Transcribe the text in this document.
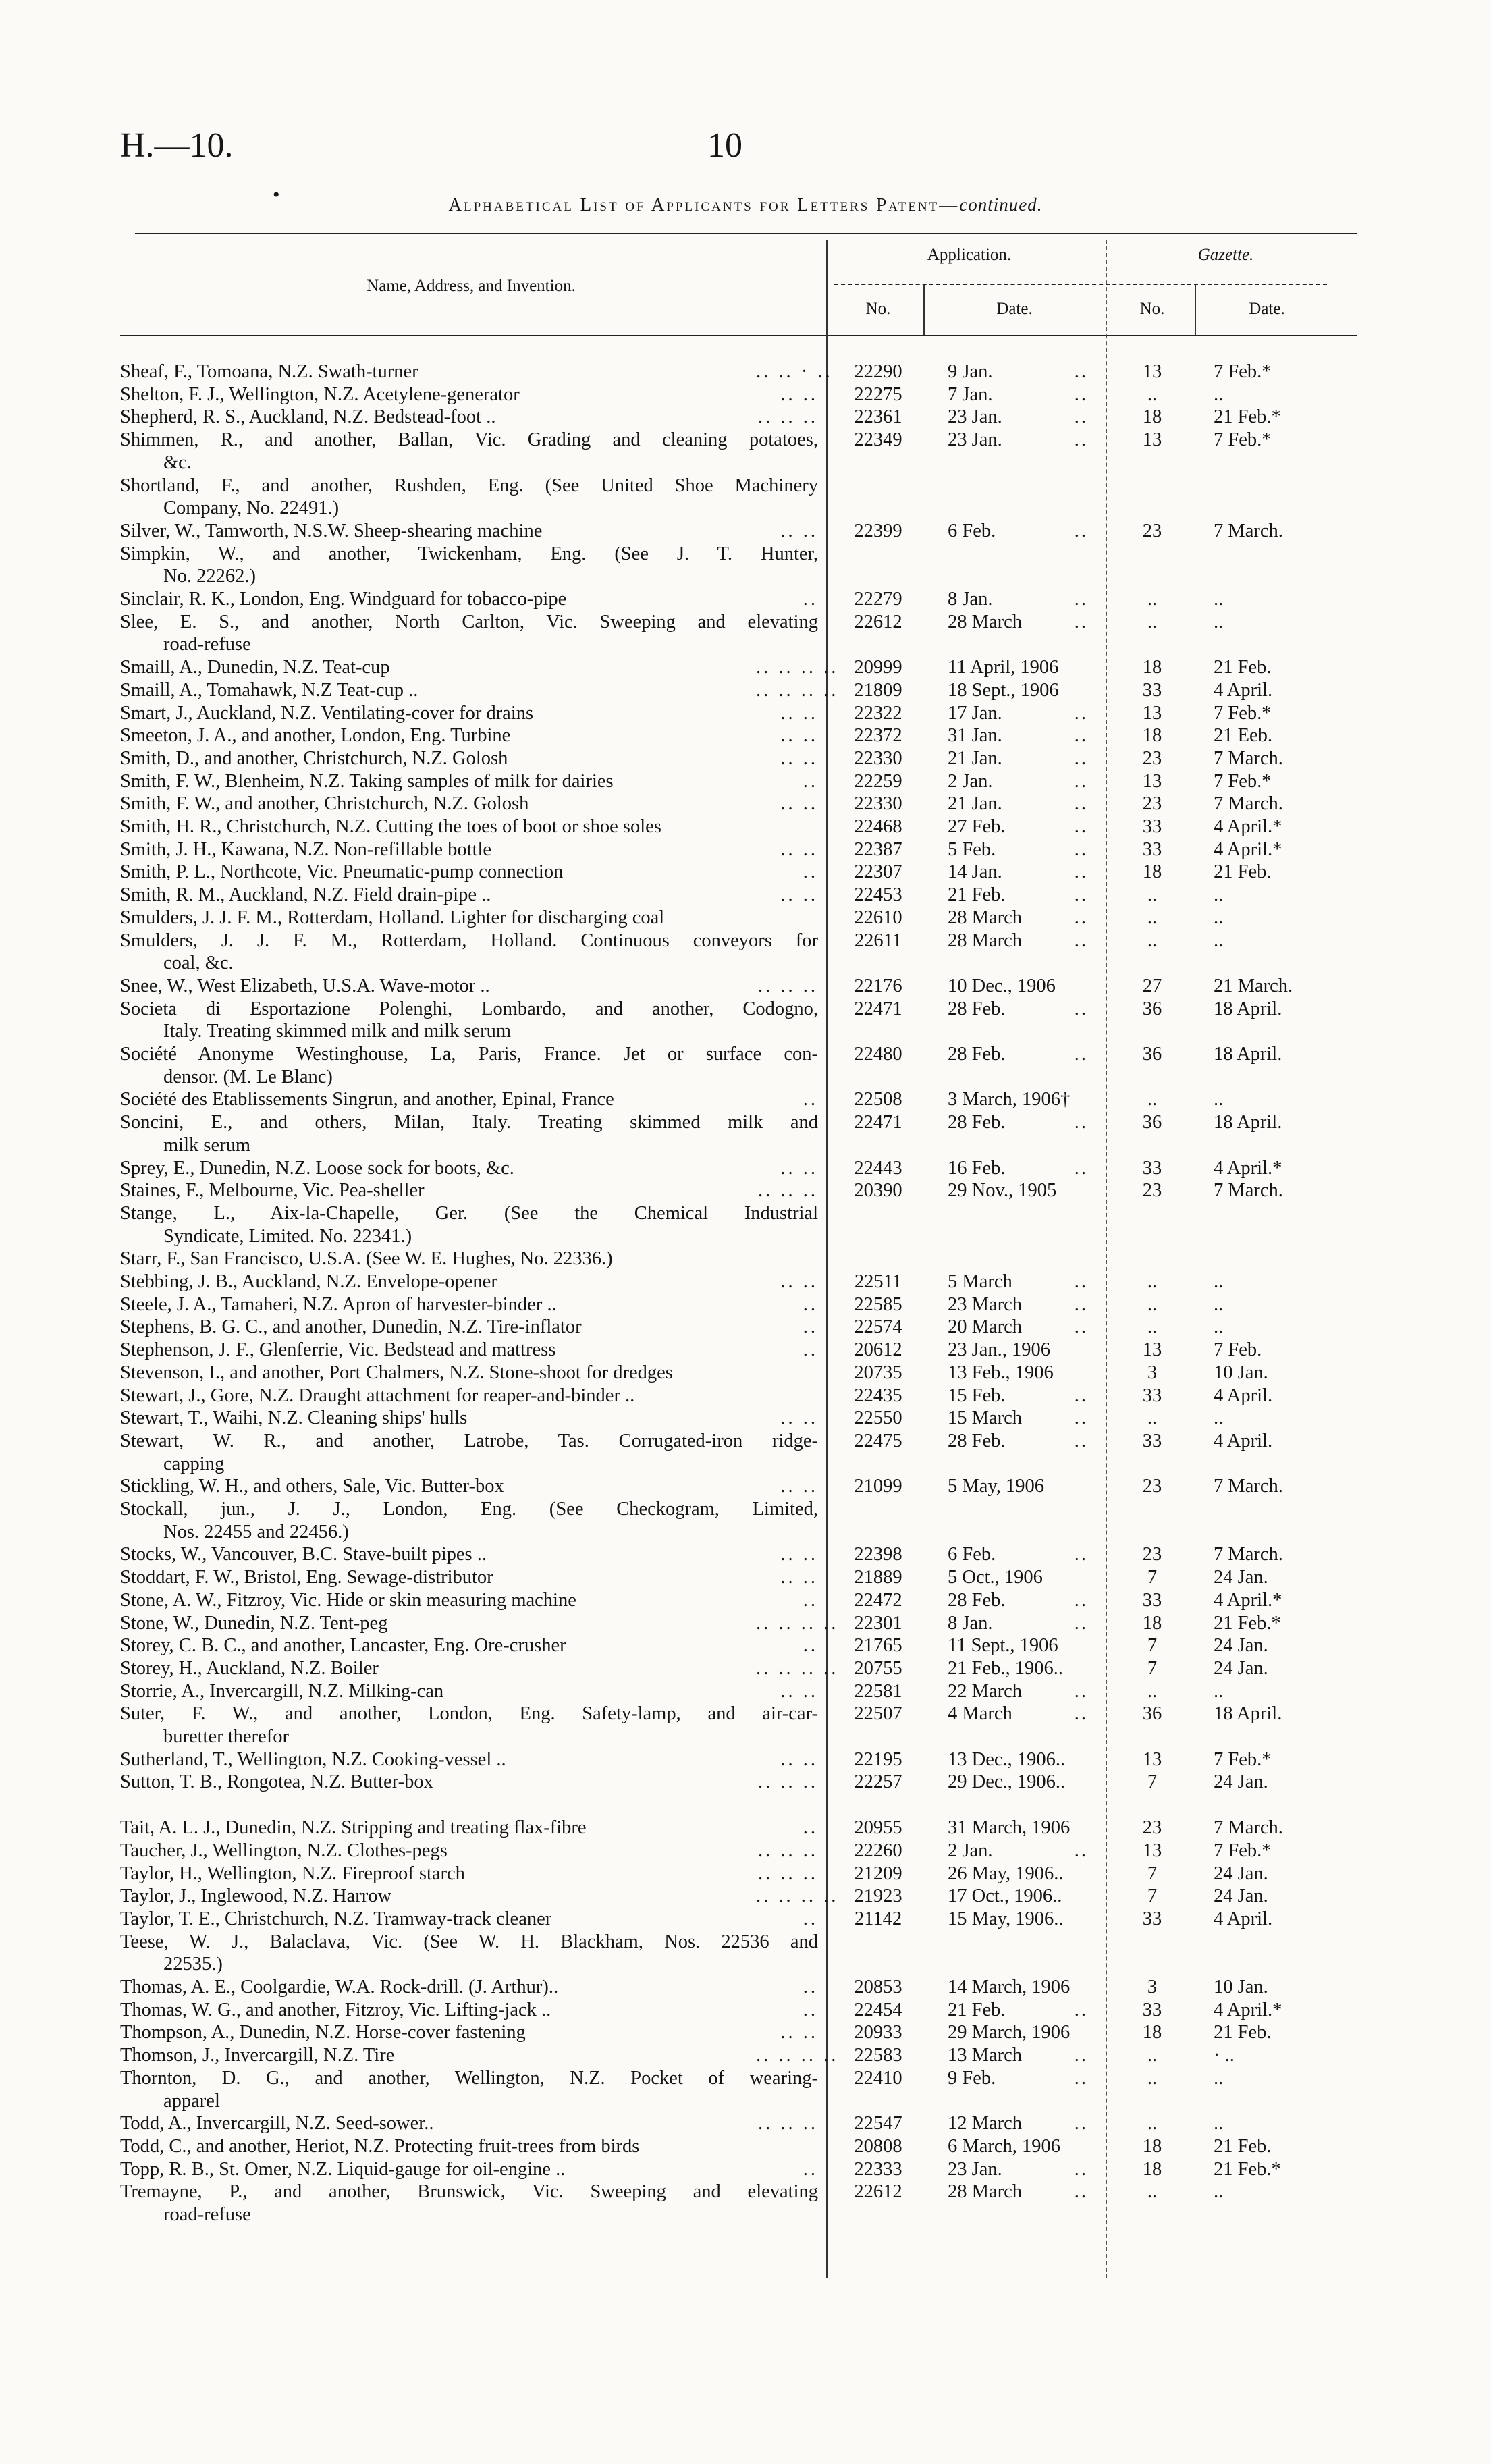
H.—10.	10
•	Alphabetical List of Applicants for Letters Patent—continued.
Name, Address, and Invention.
Application.	Gazette.
No.	Date.	No.	Date.
Sheaf, F., Tomoana, N.Z. Swath-turner	.. .. · ..	22290	9 Jan.	..	13	7 Feb.*
Shelton, F. J., Wellington, N.Z. Acetylene-generator	.. ..	22275	7 Jan.	..	..	..
Shepherd, R. S., Auckland, N.Z. Bedstead-foot ..	.. .. ..	22361	23 Jan.	..	18	21 Feb.*
Shimmen, R., and another, Ballan, Vic. Grading and cleaning potatoes,	22349	23 Jan.	..	13	7 Feb.*
&c.
Shortland, F., and another, Rushden, Eng. (See United Shoe Machinery
Company, No. 22491.)
Silver, W., Tamworth, N.S.W. Sheep-shearing machine	.. ..	22399	6 Feb.	..	23	7 March.
Simpkin, W., and another, Twickenham, Eng. (See J. T. Hunter,
No. 22262.)
Sinclair, R. K., London, Eng. Windguard for tobacco-pipe	..	22279	8 Jan.	..	..	..
Slee, E. S., and another, North Carlton, Vic. Sweeping and elevating	22612	28 March	..	..	..
road-refuse
Smaill, A., Dunedin, N.Z. Teat-cup	.. .. .. .. 20999	11 April, 1906	18	21 Feb.
Smaill, A., Tomahawk, N.Z Teat-cup ..	.. .. .. .. 21809	18 Sept., 1906	33	4 April.
Smart, J., Auckland, N.Z. Ventilating-cover for drains	.. ..	22322	17 Jan.	..	13	7 Feb.*
Smeeton, J. A., and another, London, Eng. Turbine	.. ..	22372	31 Jan.	..	18	21 Eeb.
Smith, D., and another, Christchurch, N.Z. Golosh	.. ..	22330	21 Jan.	..	23	7 March.
Smith, F. W., Blenheim, N.Z. Taking samples of milk for dairies	..	22259	2 Jan.	..	13	7 Feb.*
Smith, F. W., and another, Christchurch, N.Z. Golosh	.. ..	22330	21 Jan.	..	23	7 March.
Smith, H. R., Christchurch, N.Z. Cutting the toes of boot or shoe soles	22468	27 Feb.	..	33	4 April.*
Smith, J. H., Kawana, N.Z. Non-refillable bottle	.. ..	22387	5 Feb.	..	33	4 April.*
Smith, P. L., Northcote, Vic. Pneumatic-pump connection	..	22307	14 Jan.	..	18	21 Feb.
Smith, R. M., Auckland, N.Z. Field drain-pipe ..	.. ..	22453	21 Feb.	..	..	..
Smulders, J. J. F. M., Rotterdam, Holland. Lighter for discharging coal	22610	28 March	..	..	..
Smulders, J. J. F. M., Rotterdam, Holland. Continuous conveyors for	22611	28 March	..	..	..
coal, &c.
Snee, W., West Elizabeth, U.S.A. Wave-motor ..	.. .. ..	22176	10 Dec., 1906	27	21 March.
Societa di Esportazione Polenghi, Lombardo, and another, Codogno,	22471	28 Feb.	..	36	18 April.
Italy. Treating skimmed milk and milk serum
Société Anonyme Westinghouse, La, Paris, France. Jet or surface con-	22480	28 Feb.	..	36	18 April.
densor. (M. Le Blanc)
Société des Etablissements Singrun, and another, Epinal, France	..	22508	3 March, 1906†	..	..
Soncini, E., and others, Milan, Italy. Treating skimmed milk and	22471	28 Feb.	..	36	18 April.
milk serum
Sprey, E., Dunedin, N.Z. Loose sock for boots, &c.	.. ..	22443	16 Feb.	..	33	4 April.*
Staines, F., Melbourne, Vic. Pea-sheller	.. .. ..	20390	29 Nov., 1905	23	7 March.
Stange, L., Aix-la-Chapelle, Ger. (See the Chemical Industrial
Syndicate, Limited. No. 22341.)
Starr, F., San Francisco, U.S.A. (See W. E. Hughes, No. 22336.)
Stebbing, J. B., Auckland, N.Z. Envelope-opener	.. ..	22511	5 March	..	..	..
Steele, J. A., Tamaheri, N.Z. Apron of harvester-binder ..	..	22585	23 March	..	..	..
Stephens, B. G. C., and another, Dunedin, N.Z. Tire-inflator	..	22574	20 March	..	..	..
Stephenson, J. F., Glenferrie, Vic. Bedstead and mattress	..	20612	23 Jan., 1906	13	7 Feb.
Stevenson, I., and another, Port Chalmers, N.Z. Stone-shoot for dredges	20735	13 Feb., 1906	3	10 Jan.
Stewart, J., Gore, N.Z. Draught attachment for reaper-and-binder ..	22435	15 Feb.	..	33	4 April.
Stewart, T., Waihi, N.Z. Cleaning ships' hulls	.. ..	22550	15 March	..	..	..
Stewart, W. R., and another, Latrobe, Tas. Corrugated-iron ridge-	22475	28 Feb.	..	33	4 April.
capping
Stickling, W. H., and others, Sale, Vic. Butter-box	.. ..	21099	5 May, 1906	23	7 March.
Stockall, jun., J. J., London, Eng. (See Checkogram, Limited,
Nos. 22455 and 22456.)
Stocks, W., Vancouver, B.C. Stave-built pipes ..	.. ..	22398	6 Feb.	..	23	7 March.
Stoddart, F. W., Bristol, Eng. Sewage-distributor	.. ..	21889	5 Oct., 1906	7	24 Jan.
Stone, A. W., Fitzroy, Vic. Hide or skin measuring machine	..	22472	28 Feb.	..	33	4 April.*
Stone, W., Dunedin, N.Z. Tent-peg	.. .. .. .. 22301	8 Jan.	..	18	21 Feb.*
Storey, C. B. C., and another, Lancaster, Eng. Ore-crusher	..	21765	11 Sept., 1906	7	24 Jan.
Storey, H., Auckland, N.Z. Boiler	.. .. .. .. 20755	21 Feb., 1906..	7	24 Jan.
Storrie, A., Invercargill, N.Z. Milking-can	.. ..	22581	22 March	..	..	..
Suter, F. W., and another, London, Eng. Safety-lamp, and air-car-	22507	4 March	..	36	18 April.
buretter therefor
Sutherland, T., Wellington, N.Z. Cooking-vessel ..	.. ..	22195	13 Dec., 1906..	13	7 Feb.*
Sutton, T. B., Rongotea, N.Z. Butter-box	.. .. ..	22257	29 Dec., 1906..	7	24 Jan.
Tait, A. L. J., Dunedin, N.Z. Stripping and treating flax-fibre	..	20955	31 March, 1906	23	7 March.
Taucher, J., Wellington, N.Z. Clothes-pegs	.. .. ..	22260	2 Jan.	..	13	7 Feb.*
Taylor, H., Wellington, N.Z. Fireproof starch	.. .. ..	21209	26 May, 1906..	7	24 Jan.
Taylor, J., Inglewood, N.Z. Harrow	.. .. .. .. 21923	17 Oct., 1906..	7	24 Jan.
Taylor, T. E., Christchurch, N.Z. Tramway-track cleaner	..	21142	15 May, 1906..	33	4 April.
Teese, W. J., Balaclava, Vic. (See W. H. Blackham, Nos. 22536 and
22535.)
Thomas, A. E., Coolgardie, W.A. Rock-drill. (J. Arthur)..	..	20853	14 March, 1906	3	10 Jan.
Thomas, W. G., and another, Fitzroy, Vic. Lifting-jack ..	..	22454	21 Feb.	..	33	4 April.*
Thompson, A., Dunedin, N.Z. Horse-cover fastening	.. ..	20933	29 March, 1906	18	21 Feb.
Thomson, J., Invercargill, N.Z. Tire	.. .. .. .. 22583	13 March	..	..	· ..
Thornton, D. G., and another, Wellington, N.Z. Pocket of wearing-	22410	9 Feb.	..	..	..
apparel
Todd, A., Invercargill, N.Z. Seed-sower..	.. .. ..	22547	12 March	..	..	..
Todd, C., and another, Heriot, N.Z. Protecting fruit-trees from birds	20808	6 March, 1906	18	21 Feb.
Topp, R. B., St. Omer, N.Z. Liquid-gauge for oil-engine ..	..	22333	23 Jan.	..	18	21 Feb.*
Tremayne, P., and another, Brunswick, Vic. Sweeping and elevating	22612	28 March	..	..	..
road-refuse
